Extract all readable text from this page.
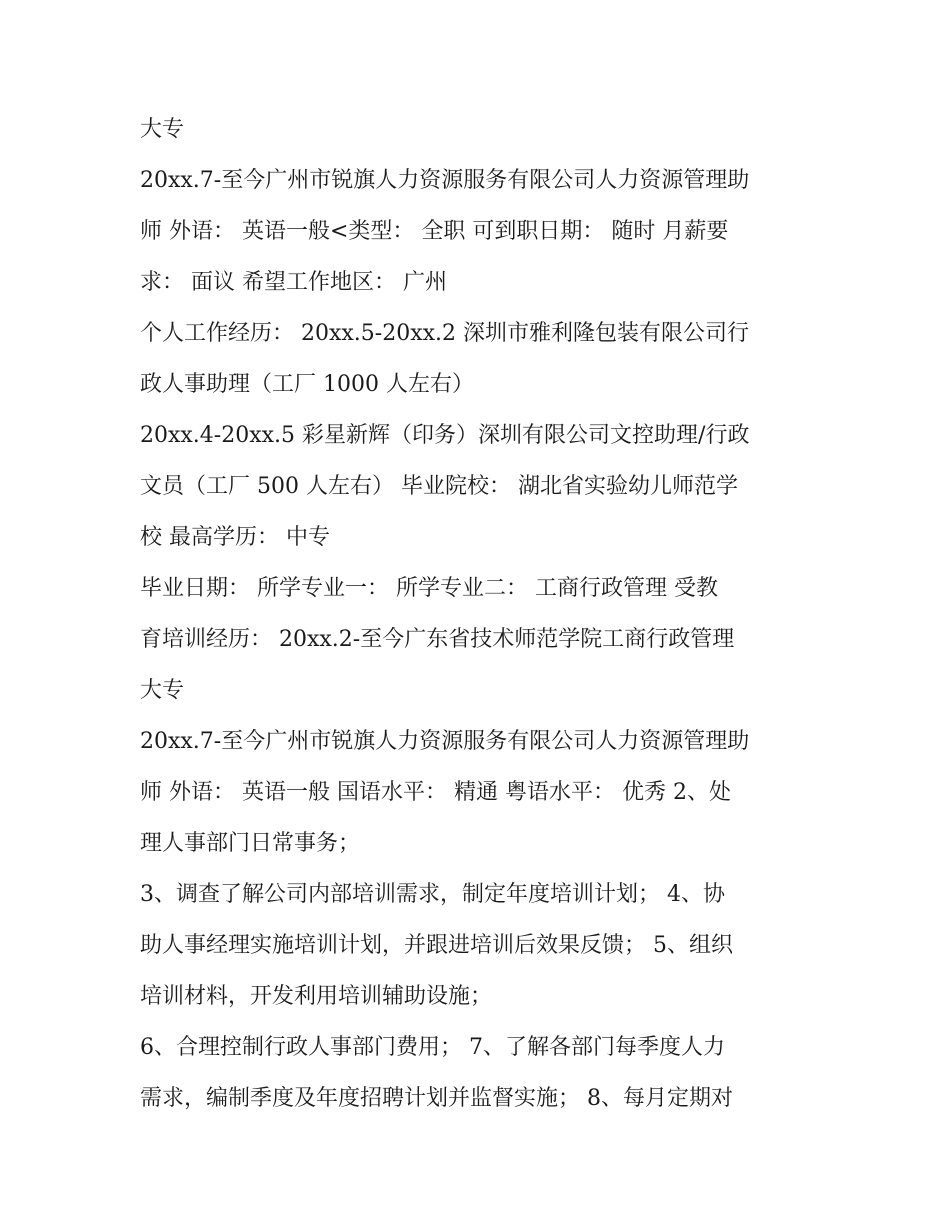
大专
20xx.7-至今广州市锐旗人力资源服务有限公司人力资源管理助
师 外语： 英语一般<类型： 全职 可到职日期： 随时 月薪要
求： 面议 希望工作地区： 广州
个人工作经历： 20xx.5-20xx.2 深圳市雅利隆包装有限公司行
政人事助理（工厂 1000 人左右）
20xx.4-20xx.5 彩星新辉（印务）深圳有限公司文控助理/行政
文员（工厂 500 人左右） 毕业院校： 湖北省实验幼儿师范学
校 最高学历： 中专
毕业日期： 所学专业一： 所学专业二： 工商行政管理 受教
育培训经历： 20xx.2-至今广东省技术师范学院工商行政管理
大专
20xx.7-至今广州市锐旗人力资源服务有限公司人力资源管理助
师 外语： 英语一般 国语水平： 精通 粤语水平： 优秀 2、处
理人事部门日常事务；
3、调查了解公司内部培训需求，制定年度培训计划； 4、协
助人事经理实施培训计划，并跟进培训后效果反馈； 5、组织
培训材料，开发利用培训辅助设施；
6、合理控制行政人事部门费用； 7、了解各部门每季度人力
需求，编制季度及年度招聘计划并监督实施； 8、每月定期对
